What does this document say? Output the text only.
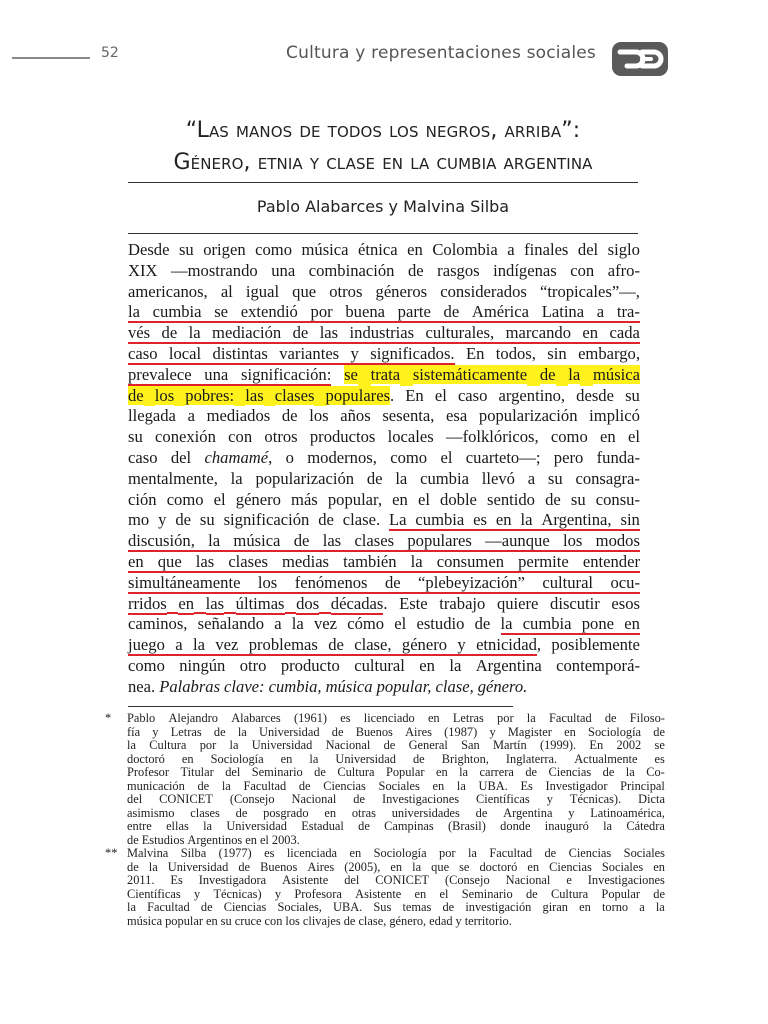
52	Cultura y representaciones sociales
“Las manos de todos los negros, arriba”:
Género, etnia y clase en la cumbia argentina
Pablo Alabarces y Malvina Silba
Desde su origen como música étnica en Colombia a finales del siglo
XIX —mostrando una combinación de rasgos indígenas con afro-
americanos, al igual que otros géneros considerados “tropicales”—,
la cumbia se extendió por buena parte de América Latina a tra-
vés de la mediación de las industrias culturales, marcando en cada
caso local distintas variantes y significados. En todos, sin embargo,
prevalece una significación: se trata sistemáticamente de la música
de los pobres: las clases populares. En el caso argentino, desde su
llegada a mediados de los años sesenta, esa popularización implicó
su conexión con otros productos locales —folklóricos, como en el
caso del chamamé, o modernos, como el cuarteto—; pero funda-
mentalmente, la popularización de la cumbia llevó a su consagra-
ción como el género más popular, en el doble sentido de su consu-
mo y de su significación de clase. La cumbia es en la Argentina, sin
discusión, la música de las clases populares —aunque los modos
en que las clases medias también la consumen permite entender
simultáneamente los fenómenos de “plebeyización” cultural ocu-
rridos en las últimas dos décadas. Este trabajo quiere discutir esos
caminos, señalando a la vez cómo el estudio de la cumbia pone en
juego a la vez problemas de clase, género y etnicidad, posiblemente
como ningún otro producto cultural en la Argentina contemporá-
nea. Palabras clave: cumbia, música popular, clase, género.
* Pablo Alejandro Alabarces (1961) es licenciado en Letras por la Facultad de Filoso-
fía y Letras de la Universidad de Buenos Aires (1987) y Magister en Sociología de
la Cultura por la Universidad Nacional de General San Martín (1999). En 2002 se
doctoró en Sociología en la Universidad de Brighton, Inglaterra. Actualmente es
Profesor Titular del Seminario de Cultura Popular en la carrera de Ciencias de la Co-
municación de la Facultad de Ciencias Sociales en la UBA. Es Investigador Principal
del CONICET (Consejo Nacional de Investigaciones Científicas y Técnicas). Dicta
asimismo clases de posgrado en otras universidades de Argentina y Latinoamérica,
entre ellas la Universidad Estadual de Campinas (Brasil) donde inauguró la Cátedra
de Estudios Argentinos en el 2003.
** Malvina Silba (1977) es licenciada en Sociología por la Facultad de Ciencias Sociales
de la Universidad de Buenos Aires (2005), en la que se doctoró en Ciencias Sociales en
2011. Es Investigadora Asistente del CONICET (Consejo Nacional e Investigaciones
Científicas y Técnicas) y Profesora Asistente en el Seminario de Cultura Popular de
la Facultad de Ciencias Sociales, UBA. Sus temas de investigación giran en torno a la
música popular en su cruce con los clivajes de clase, género, edad y territorio.
